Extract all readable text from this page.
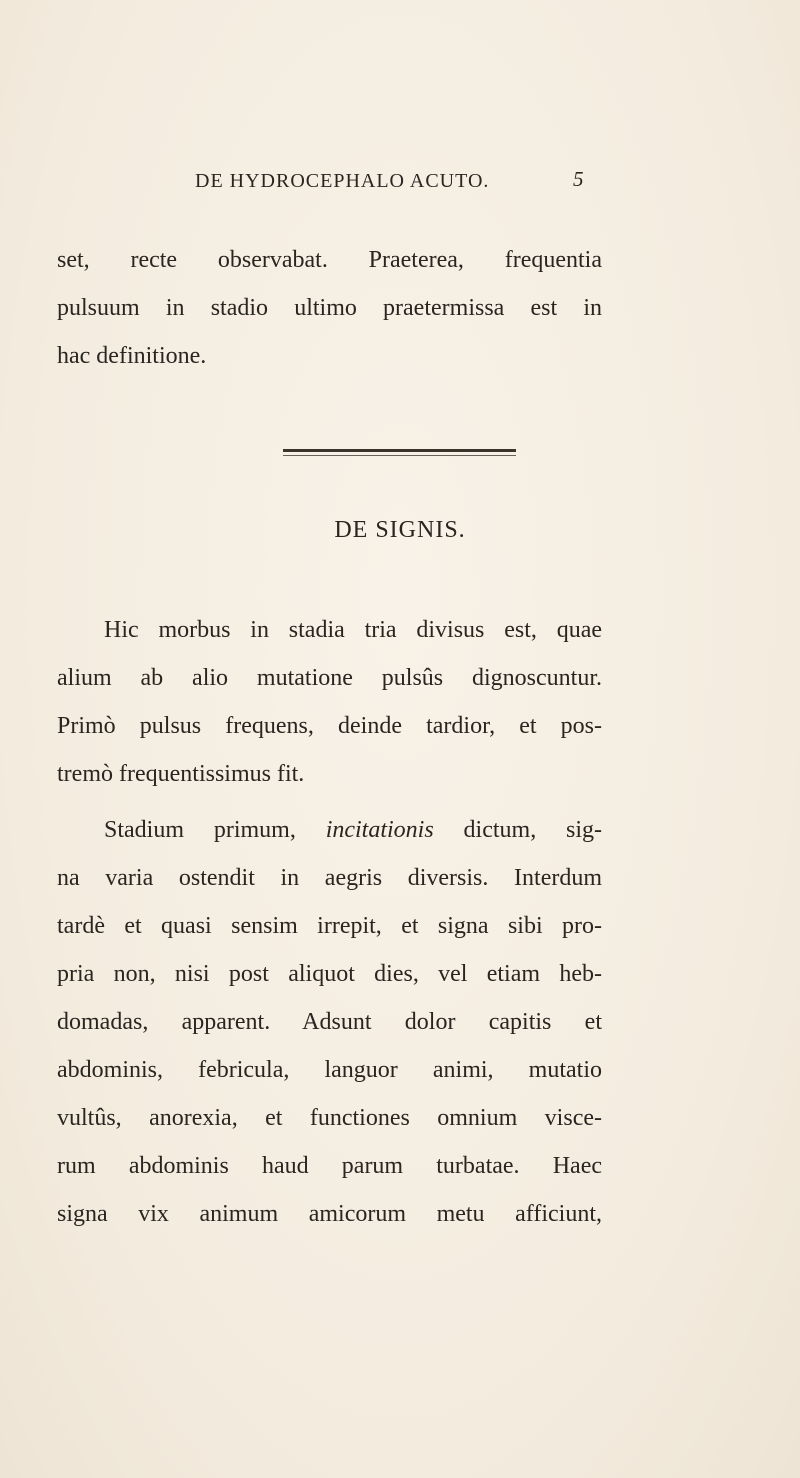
DE HYDROCEPHALO ACUTO.	5

set, recte observabat. Praeterea, frequentia
pulsuum in stadio ultimo praetermissa est in
hac definitione.

DE SIGNIS.

Hic morbus in stadia tria divisus est, quae
alium ab alio mutatione pulsûs dignoscuntur.
Primò pulsus frequens, deinde tardior, et pos-
tremò frequentissimus fit.

Stadium primum, incitationis dictum, sig-
na varia ostendit in aegris diversis. Interdum
tardè et quasi sensim irrepit, et signa sibi pro-
pria non, nisi post aliquot dies, vel etiam heb-
domadas, apparent. Adsunt dolor capitis et
abdominis, febricula, languor animi, mutatio
vultûs, anorexia, et functiones omnium visce-
rum abdominis haud parum turbatae. Haec
signa vix animum amicorum metu afficiunt,
